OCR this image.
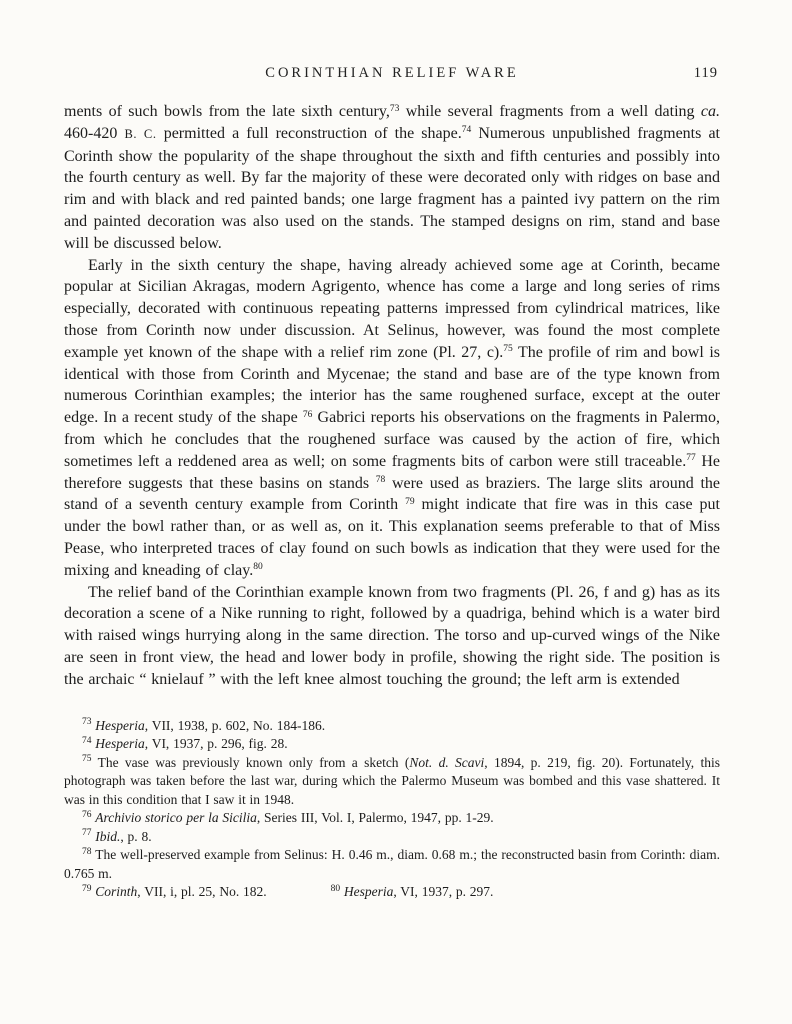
CORINTHIAN RELIEF WARE	119

ments of such bowls from the late sixth century,$^{73}$ while several fragments from a well dating ca. 460-420 B. C. permitted a full reconstruction of the shape.$^{74}$ Numerous unpublished fragments at Corinth show the popularity of the shape throughout the sixth and fifth centuries and possibly into the fourth century as well. By far the majority of these were decorated only with ridges on base and rim and with black and red painted bands; one large fragment has a painted ivy pattern on the rim and painted decoration was also used on the stands. The stamped designs on rim, stand and base will be discussed below.

Early in the sixth century the shape, having already achieved some age at Corinth, became popular at Sicilian Akragas, modern Agrigento, whence has come a large and long series of rims especially, decorated with continuous repeating patterns impressed from cylindrical matrices, like those from Corinth now under discussion. At Selinus, however, was found the most complete example yet known of the shape with a relief rim zone (Pl. 27, c).$^{75}$ The profile of rim and bowl is identical with those from Corinth and Mycenae; the stand and base are of the type known from numerous Corinthian examples; the interior has the same roughened surface, except at the outer edge. In a recent study of the shape $^{76}$ Gabrici reports his observations on the fragments in Palermo, from which he concludes that the roughened surface was caused by the action of fire, which sometimes left a reddened area as well; on some fragments bits of carbon were still traceable.$^{77}$ He therefore suggests that these basins on stands $^{78}$ were used as braziers. The large slits around the stand of a seventh century example from Corinth $^{79}$ might indicate that fire was in this case put under the bowl rather than, or as well as, on it. This explanation seems preferable to that of Miss Pease, who interpreted traces of clay found on such bowls as indication that they were used for the mixing and kneading of clay.$^{80}$

The relief band of the Corinthian example known from two fragments (Pl. 26, f and g) has as its decoration a scene of a Nike running to right, followed by a quadriga, behind which is a water bird with raised wings hurrying along in the same direction. The torso and up-curved wings of the Nike are seen in front view, the head and lower body in profile, showing the right side. The position is the archaic “ knielauf ” with the left knee almost touching the ground; the left arm is extended

$^{73}$ Hesperia, VII, 1938, p. 602, No. 184-186.

$^{74}$ Hesperia, VI, 1937, p. 296, fig. 28.

$^{75}$ The vase was previously known only from a sketch (Not. d. Scavi, 1894, p. 219, fig. 20). Fortunately, this photograph was taken before the last war, during which the Palermo Museum was bombed and this vase shattered. It was in this condition that I saw it in 1948.

$^{76}$ Archivio storico per la Sicilia, Series III, Vol. I, Palermo, 1947, pp. 1-29.

$^{77}$ Ibid., p. 8.

$^{78}$ The well-preserved example from Selinus: H. 0.46 m., diam. 0.68 m.; the reconstructed basin from Corinth: diam. 0.765 m.

$^{79}$ Corinth, VII, i, pl. 25, No. 182.	$^{80}$ Hesperia, VI, 1937, p. 297.
